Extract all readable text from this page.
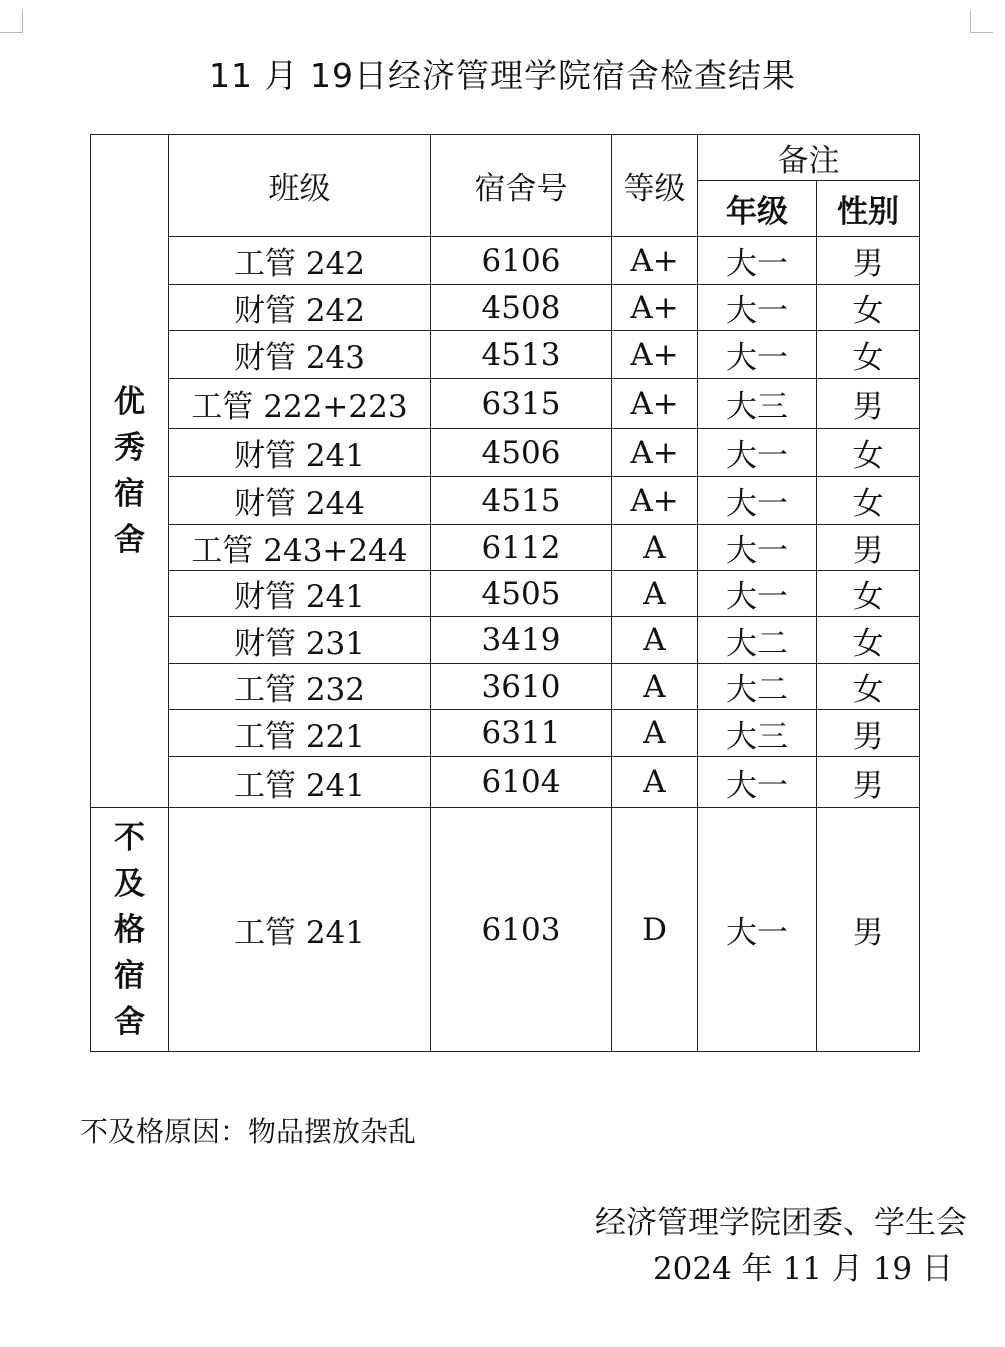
11 月 19日经济管理学院宿舍检查结果
优
秀
宿
舍	班级	宿舍号	等级	备注	
				年级	性别
	工管 242	6106	A+	大一	男
	财管 242	4508	A+	大一	女
	财管 243	4513	A+	大一	女
	工管 222+223	6315	A+	大三	男
	财管 241	4506	A+	大一	女
	财管 244	4515	A+	大一	女
	工管 243+244	6112	A	大一	男
	财管 241	4505	A	大一	女
	财管 231	3419	A	大二	女
	工管 232	3610	A	大二	女
	工管 221	6311	A	大三	男
	工管 241	6104	A	大一	男

不
及
格
宿
舍	工管 241	6103	D	大一	男
不及格原因：物品摆放杂乱
经济管理学院团委、学生会
2024 年 11 月 19 日
